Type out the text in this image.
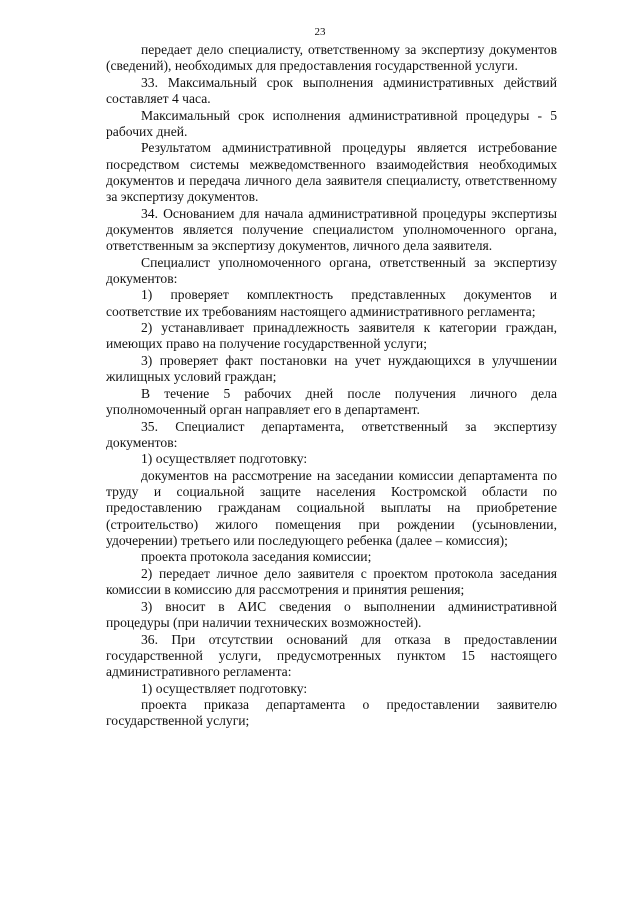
23

передает дело специалисту, ответственному за экспертизу документов (сведений), необходимых для предоставления государственной услуги.

33. Максимальный срок выполнения административных действий составляет 4 часа.

Максимальный срок исполнения административной процедуры - 5 рабочих дней.

Результатом административной процедуры является истребование посредством системы межведомственного взаимодействия необходимых документов и передача личного дела заявителя специалисту, ответственному за экспертизу документов.

34. Основанием для начала административной процедуры экспертизы документов является получение специалистом уполномоченного органа, ответственным за экспертизу документов, личного дела заявителя.

Специалист уполномоченного органа, ответственный за экспертизу документов:

1) проверяет комплектность представленных документов и соответствие их требованиям настоящего административного регламента;

2) устанавливает принадлежность заявителя к категории граждан, имеющих право на получение государственной услуги;

3) проверяет факт постановки на учет нуждающихся в улучшении жилищных условий граждан;

В течение 5 рабочих дней после получения личного дела уполномоченный орган направляет его в департамент.

35. Специалист департамента, ответственный за экспертизу документов:

1) осуществляет подготовку:

документов на рассмотрение на заседании комиссии департамента по труду и социальной защите населения Костромской области по предоставлению гражданам социальной выплаты на приобретение (строительство) жилого помещения при рождении (усыновлении, удочерении) третьего или последующего ребенка (далее – комиссия);

проекта протокола заседания комиссии;

2) передает личное дело заявителя с проектом протокола заседания комиссии в комиссию для рассмотрения и принятия решения;

3) вносит в АИС сведения о выполнении административной процедуры (при наличии технических возможностей).

36. При отсутствии оснований для отказа в предоставлении государственной услуги, предусмотренных пунктом 15 настоящего административного регламента:

1) осуществляет подготовку:

проекта приказа департамента о предоставлении заявителю государственной услуги;
